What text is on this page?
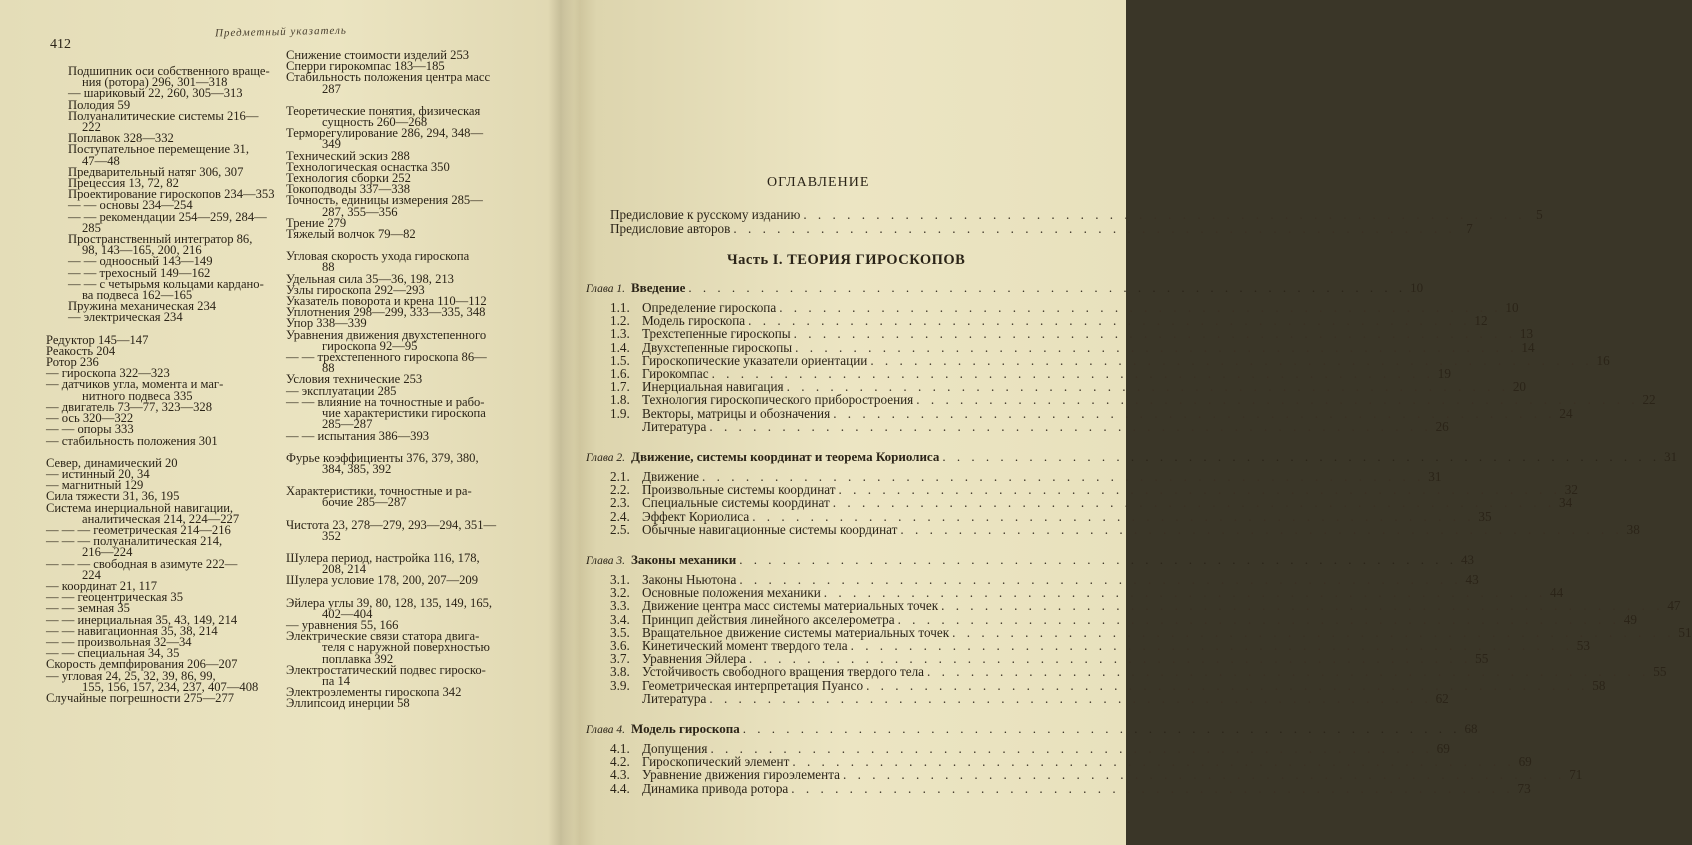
Предметный указатель
412
Подшипник оси собственного враще-
ния (ротора) 296, 301—318
— шариковый 22, 260, 305—313
Полодия 59
Полуаналитические системы 216—
222
Поплавок 328—332
Поступательное перемещение 31,
47—48
Предварительный натяг 306, 307
Прецессия 13, 72, 82
Проектирование гироскопов 234—353
— — основы 234—254
— — рекомендации 254—259, 284—
285
Пространственный интегратор 86,
98, 143—165, 200, 216
— — одноосный 143—149
— — трехосный 149—162
— — с четырьмя кольцами кардано-
ва подвеса 162—165
Пружина механическая 234
— электрическая 234
Редуктор 145—147
Реакость 204
Ротор 236
— гироскопа 322—323
— датчиков угла, момента и маг-
нитного подвеса 335
— двигатель 73—77, 323—328
— ось 320—322
— — опоры 333
— стабильность положения 301
Север, динамический 20
— истинный 20, 34
— магнитный 129
Сила тяжести 31, 36, 195
Система инерциальной навигации,
аналитическая 214, 224—227
— — — геометрическая 214—216
— — — полуаналитическая 214,
216—224
— — — свободная в азимуте 222—
224
— координат 21, 117
— — геоцентрическая 35
— — земная 35
— — инерциальная 35, 43, 149, 214
— — навигационная 35, 38, 214
— — произвольная 32—34
— — специальная 34, 35
Скорость демпфирования 206—207
— угловая 24, 25, 32, 39, 86, 99,
155, 156, 157, 234, 237, 407—408
Случайные погрешности 275—277
Снижение стоимости изделий 253
Сперри гирокомпас 183—185
Стабильность положения центра масс
287
Теоретические понятия, физическая
сущность 260—268
Терморегулирование 286, 294, 348—
349
Технический эскиз 288
Технологическая оснастка 350
Технология сборки 252
Токоподводы 337—338
Точность, единицы измерения 285—
287, 355—356
Трение 279
Тяжелый волчок 79—82
Угловая скорость ухода гироскопа
88
Удельная сила 35—36, 198, 213
Узлы гироскопа 292—293
Указатель поворота и крена 110—112
Уплотнения 298—299, 333—335, 348
Упор 338—339
Уравнения движения двухстепенного
гироскопа 92—95
— — трехстепенного гироскопа 86—
88
Условия технические 253
— эксплуатации 285
— — влияние на точностные и рабо-
чие характеристики гироскопа
285—287
— — испытания 386—393
Фурье коэффициенты 376, 379, 380,
384, 385, 392
Характеристики, точностные и ра-
бочие 285—287
Чистота 23, 278—279, 293—294, 351—
352
Шулера период, настройка 116, 178,
208, 214
Шулера условие 178, 200, 207—209
Эйлера углы 39, 80, 128, 135, 149, 165,
402—404
— уравнения 55, 166
Электрические связи статора двига-
теля с наружной поверхностью
поплавка 392
Электростатический подвес гироско-
па 14
Электроэлементы гироскопа 342
Эллипсоид инерции 58
ОГЛАВЛЕНИЕ
Часть I. ТЕОРИЯ ГИРОСКОПОВ
Предисловие к русскому изданию . . . . . . . . . . . . . . . . . . . . . . . . . . . . . . . . . . . . . . . . . . . . . . . . . . 5
Предисловие авторов . . . . . . . . . . . . . . . . . . . . . . . . . . . . . . . . . . . . . . . . . . . . . . . . . . 7
Глава 1. Введение . . . . . . . . . . . . . . . . . . . . . . . . . . . . . . . . . . . . . . . . . . . . . . . . . . 10
1.1. Определение гироскопа . . . . . . . . . . . . . . . . . . . . . . . . . . . . . . . . . . . . . . . . . . . . . . . . . . 10
1.2. Модель гироскопа . . . . . . . . . . . . . . . . . . . . . . . . . . . . . . . . . . . . . . . . . . . . . . . . . . 12
1.3. Трехстепенные гироскопы . . . . . . . . . . . . . . . . . . . . . . . . . . . . . . . . . . . . . . . . . . . . . . . . . . 13
1.4. Двухстепенные гироскопы . . . . . . . . . . . . . . . . . . . . . . . . . . . . . . . . . . . . . . . . . . . . . . . . . . 14
1.5. Гироскопические указатели ориентации . . . . . . . . . . . . . . . . . . . . . . . . . . . . . . . . . . . . . . . . . . . . . . . . . . 16
1.6. Гирокомпас . . . . . . . . . . . . . . . . . . . . . . . . . . . . . . . . . . . . . . . . . . . . . . . . . . 19
1.7. Инерциальная навигация . . . . . . . . . . . . . . . . . . . . . . . . . . . . . . . . . . . . . . . . . . . . . . . . . . 20
1.8. Технология гироскопического приборостроения . . . . . . . . . . . . . . . . . . . . . . . . . . . . . . . . . . . . . . . . . . . . . . . . . . 22
1.9. Векторы, матрицы и обозначения . . . . . . . . . . . . . . . . . . . . . . . . . . . . . . . . . . . . . . . . . . . . . . . . . . 24
Литература . . . . . . . . . . . . . . . . . . . . . . . . . . . . . . . . . . . . . . . . . . . . . . . . . . 26
Глава 2. Движение, системы координат и теорема Кориолиса . . . . . . . . . . . . . . . . . . . . . . . . . . . . . . . . . . . . . . . . . . . . . . . . . . 31
2.1. Движение . . . . . . . . . . . . . . . . . . . . . . . . . . . . . . . . . . . . . . . . . . . . . . . . . . 31
2.2. Произвольные системы координат . . . . . . . . . . . . . . . . . . . . . . . . . . . . . . . . . . . . . . . . . . . . . . . . . . 32
2.3. Специальные системы координат . . . . . . . . . . . . . . . . . . . . . . . . . . . . . . . . . . . . . . . . . . . . . . . . . . 34
2.4. Эффект Кориолиса . . . . . . . . . . . . . . . . . . . . . . . . . . . . . . . . . . . . . . . . . . . . . . . . . . 35
2.5. Обычные навигационные системы координат . . . . . . . . . . . . . . . . . . . . . . . . . . . . . . . . . . . . . . . . . . . . . . . . . . 38
Глава 3. Законы механики . . . . . . . . . . . . . . . . . . . . . . . . . . . . . . . . . . . . . . . . . . . . . . . . . . 43
3.1. Законы Ньютона . . . . . . . . . . . . . . . . . . . . . . . . . . . . . . . . . . . . . . . . . . . . . . . . . . 43
3.2. Основные положения механики . . . . . . . . . . . . . . . . . . . . . . . . . . . . . . . . . . . . . . . . . . . . . . . . . . 44
3.3. Движение центра масс системы материальных точек . . . . . . . . . . . . . . . . . . . . . . . . . . . . . . . . . . . . . . . . . . . . . . . . . . 47
3.4. Принцип действия линейного акселерометра . . . . . . . . . . . . . . . . . . . . . . . . . . . . . . . . . . . . . . . . . . . . . . . . . . 49
3.5. Вращательное движение системы материальных точек . . . . . . . . . . . . . . . . . . . . . . . . . . . . . . . . . . . . . . . . . . . . . . . . . . 51
3.6. Кинетический момент твердого тела . . . . . . . . . . . . . . . . . . . . . . . . . . . . . . . . . . . . . . . . . . . . . . . . . . 53
3.7. Уравнения Эйлера . . . . . . . . . . . . . . . . . . . . . . . . . . . . . . . . . . . . . . . . . . . . . . . . . . 55
3.8. Устойчивость свободного вращения твердого тела . . . . . . . . . . . . . . . . . . . . . . . . . . . . . . . . . . . . . . . . . . . . . . . . . . 55
3.9. Геометрическая интерпретация Пуансо . . . . . . . . . . . . . . . . . . . . . . . . . . . . . . . . . . . . . . . . . . . . . . . . . . 58
Литература . . . . . . . . . . . . . . . . . . . . . . . . . . . . . . . . . . . . . . . . . . . . . . . . . . 62
Глава 4. Модель гироскопа . . . . . . . . . . . . . . . . . . . . . . . . . . . . . . . . . . . . . . . . . . . . . . . . . . 68
4.1. Допущения . . . . . . . . . . . . . . . . . . . . . . . . . . . . . . . . . . . . . . . . . . . . . . . . . . 69
4.2. Гироскопический элемент . . . . . . . . . . . . . . . . . . . . . . . . . . . . . . . . . . . . . . . . . . . . . . . . . . 69
4.3. Уравнение движения гироэлемента . . . . . . . . . . . . . . . . . . . . . . . . . . . . . . . . . . . . . . . . . . . . . . . . . . 71
4.4. Динамика привода ротора . . . . . . . . . . . . . . . . . . . . . . . . . . . . . . . . . . . . . . . . . . . . . . . . . . 73
